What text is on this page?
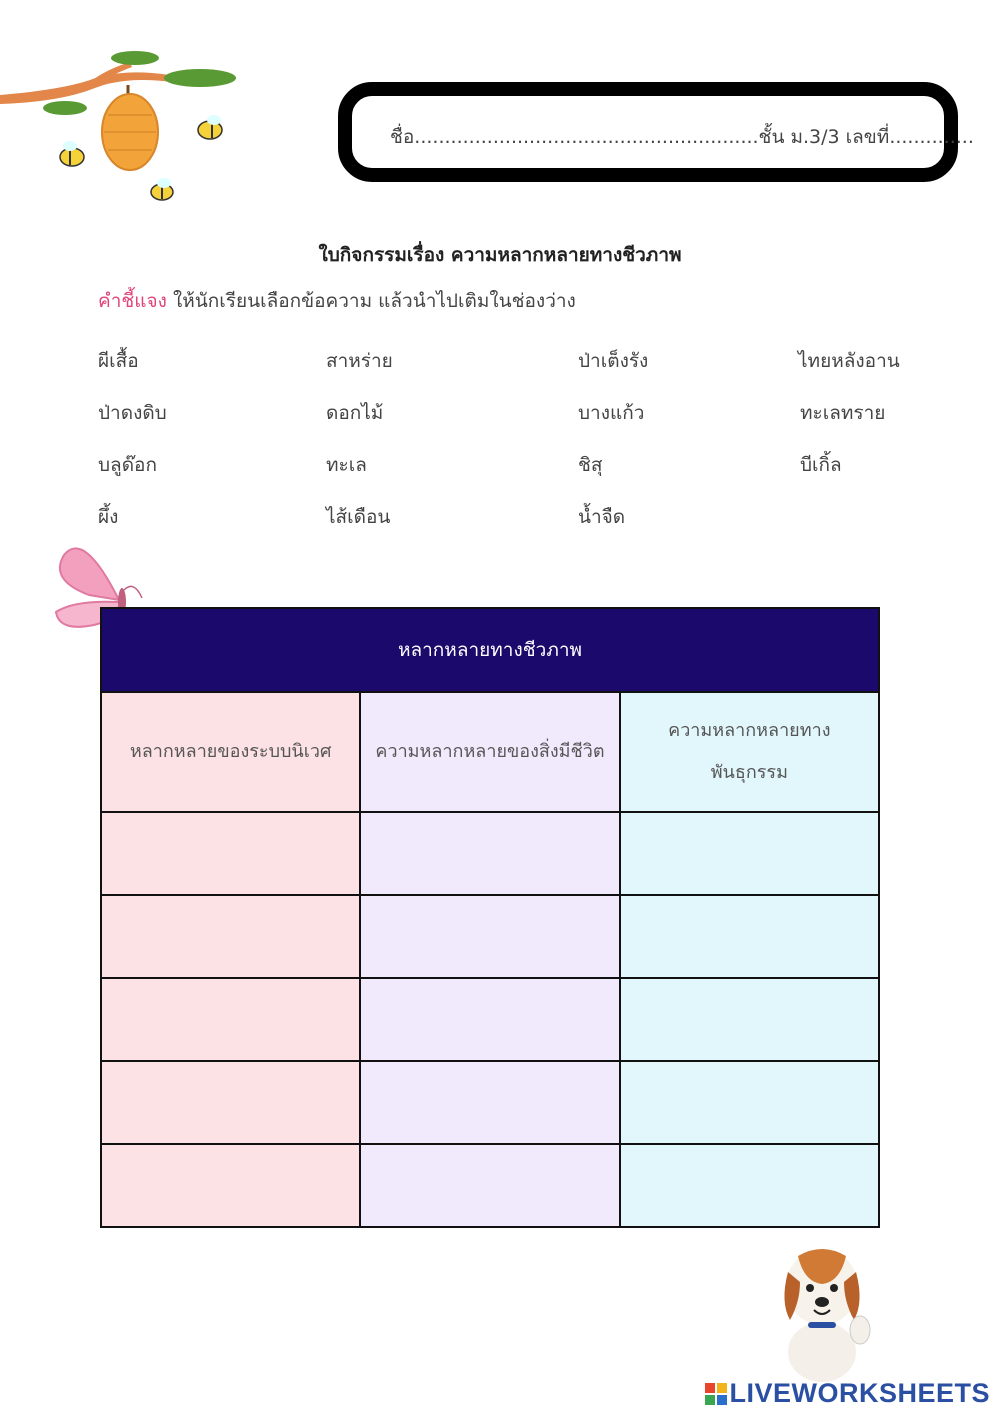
ชื่อ.........................................................ชั้น ม.3/3 เลขที่..............
ใบกิจกรรมเรื่อง ความหลากหลายทางชีวภาพ
คำชี้แจง ให้นักเรียนเลือกข้อความ แล้วนำไปเติมในช่องว่าง
ผีเสื้อ	สาหร่าย	ป่าเต็งรัง	ไทยหลังอาน
ป่าดงดิบ	ดอกไม้	บางแก้ว	ทะเลทราย
บลูด๊อก	ทะเล	ชิสุ	บีเกิ้ล
ผึ้ง	ไส้เดือน	น้ำจืด
หลากหลายทางชีวภาพ		
หลากหลายของระบบนิเวศ	ความหลากหลายของสิ่งมีชีวิต	ความหลากหลายทาง
พันธุกรรม

LIVEWORKSHEETS
